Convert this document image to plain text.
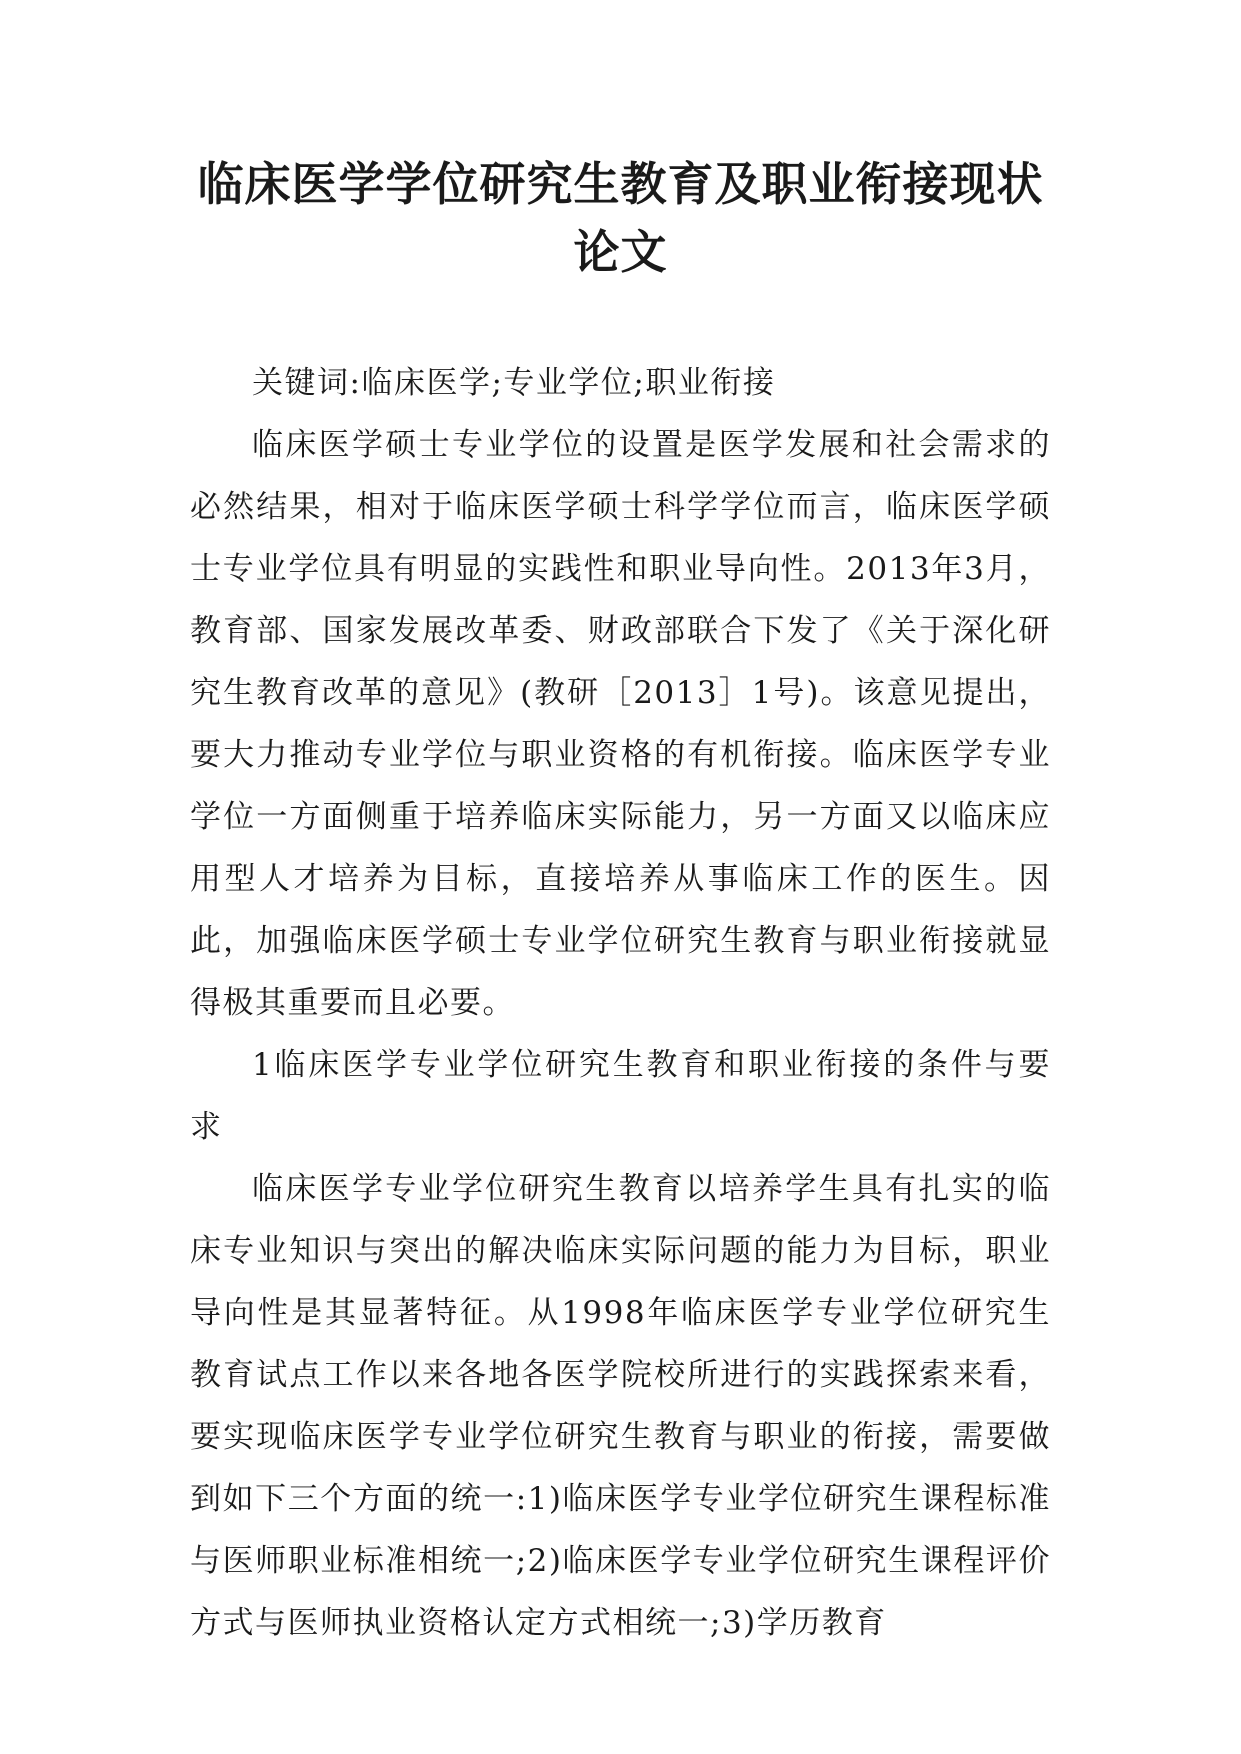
临床医学学位研究生教育及职业衔接现状论文

关键词:临床医学;专业学位;职业衔接

临床医学硕士专业学位的设置是医学发展和社会需求的必然结果，相对于临床医学硕士科学学位而言，临床医学硕士专业学位具有明显的实践性和职业导向性。2013年3月，教育部、国家发展改革委、财政部联合下发了《关于深化研究生教育改革的意见》(教研［2013］1号)。该意见提出，要大力推动专业学位与职业资格的有机衔接。临床医学专业学位一方面侧重于培养临床实际能力，另一方面又以临床应用型人才培养为目标，直接培养从事临床工作的医生。因此，加强临床医学硕士专业学位研究生教育与职业衔接就显得极其重要而且必要。

1临床医学专业学位研究生教育和职业衔接的条件与要求

临床医学专业学位研究生教育以培养学生具有扎实的临床专业知识与突出的解决临床实际问题的能力为目标，职业导向性是其显著特征。从1998年临床医学专业学位研究生教育试点工作以来各地各医学院校所进行的实践探索来看，要实现临床医学专业学位研究生教育与职业的衔接，需要做到如下三个方面的统一:1)临床医学专业学位研究生课程标准与医师职业标准相统一;2)临床医学专业学位研究生课程评价方式与医师执业资格认定方式相统一;3)学历教育
